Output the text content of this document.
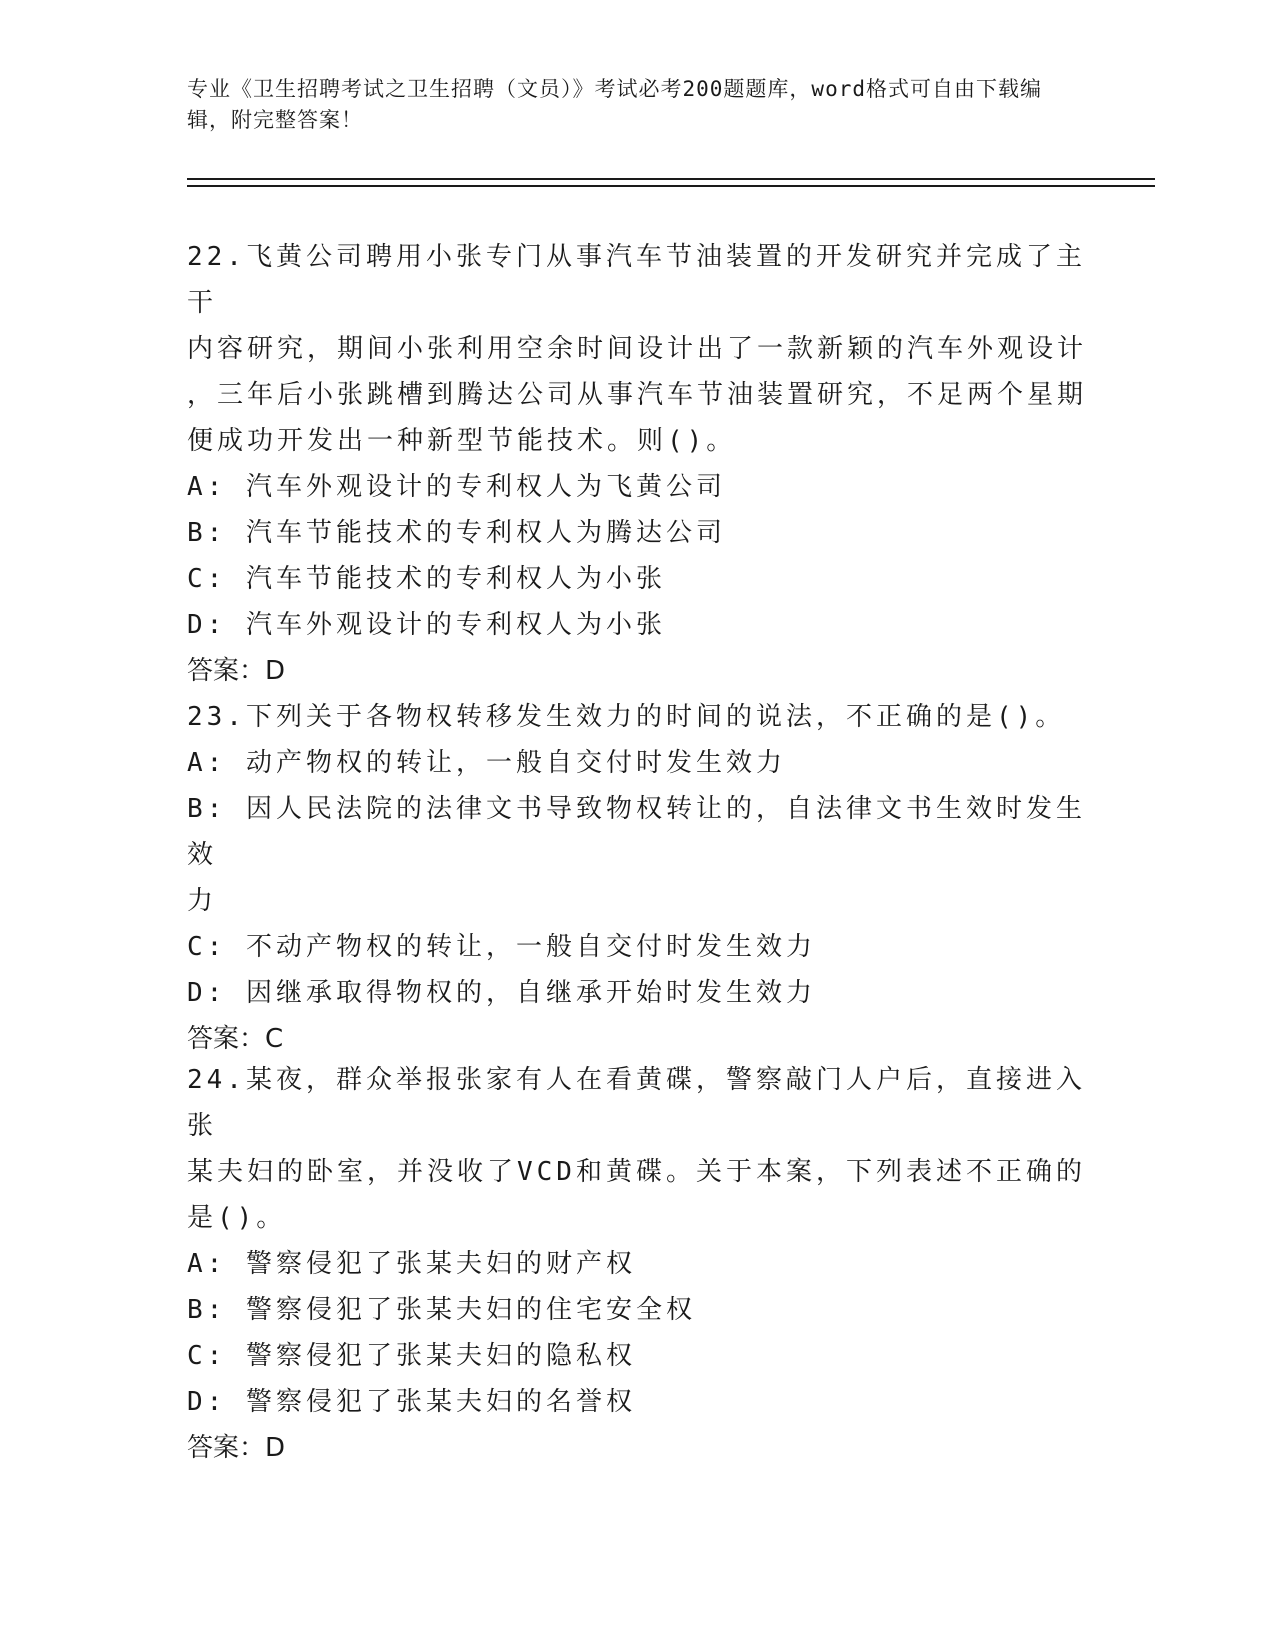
专业《卫生招聘考试之卫生招聘（文员）》考试必考200题题库，word格式可自由下载编辑，附完整答案！

22.飞黄公司聘用小张专门从事汽车节油装置的开发研究并完成了主干

内容研究，期间小张利用空余时间设计出了一款新颖的汽车外观设计

，三年后小张跳槽到腾达公司从事汽车节油装置研究，不足两个星期

便成功开发出一种新型节能技术。则()。

A: 汽车外观设计的专利权人为飞黄公司

B: 汽车节能技术的专利权人为腾达公司

C: 汽车节能技术的专利权人为小张

D: 汽车外观设计的专利权人为小张

答案：D

23.下列关于各物权转移发生效力的时间的说法，不正确的是()。

A: 动产物权的转让，一般自交付时发生效力

B: 因人民法院的法律文书导致物权转让的，自法律文书生效时发生效

力

C: 不动产物权的转让，一般自交付时发生效力

D: 因继承取得物权的，自继承开始时发生效力

答案：C

24.某夜，群众举报张家有人在看黄碟，警察敲门人户后，直接进入张

某夫妇的卧室，并没收了VCD和黄碟。关于本案，下列表述不正确的

是()。

A: 警察侵犯了张某夫妇的财产权

B: 警察侵犯了张某夫妇的住宅安全权

C: 警察侵犯了张某夫妇的隐私权

D: 警察侵犯了张某夫妇的名誉权

答案：D
